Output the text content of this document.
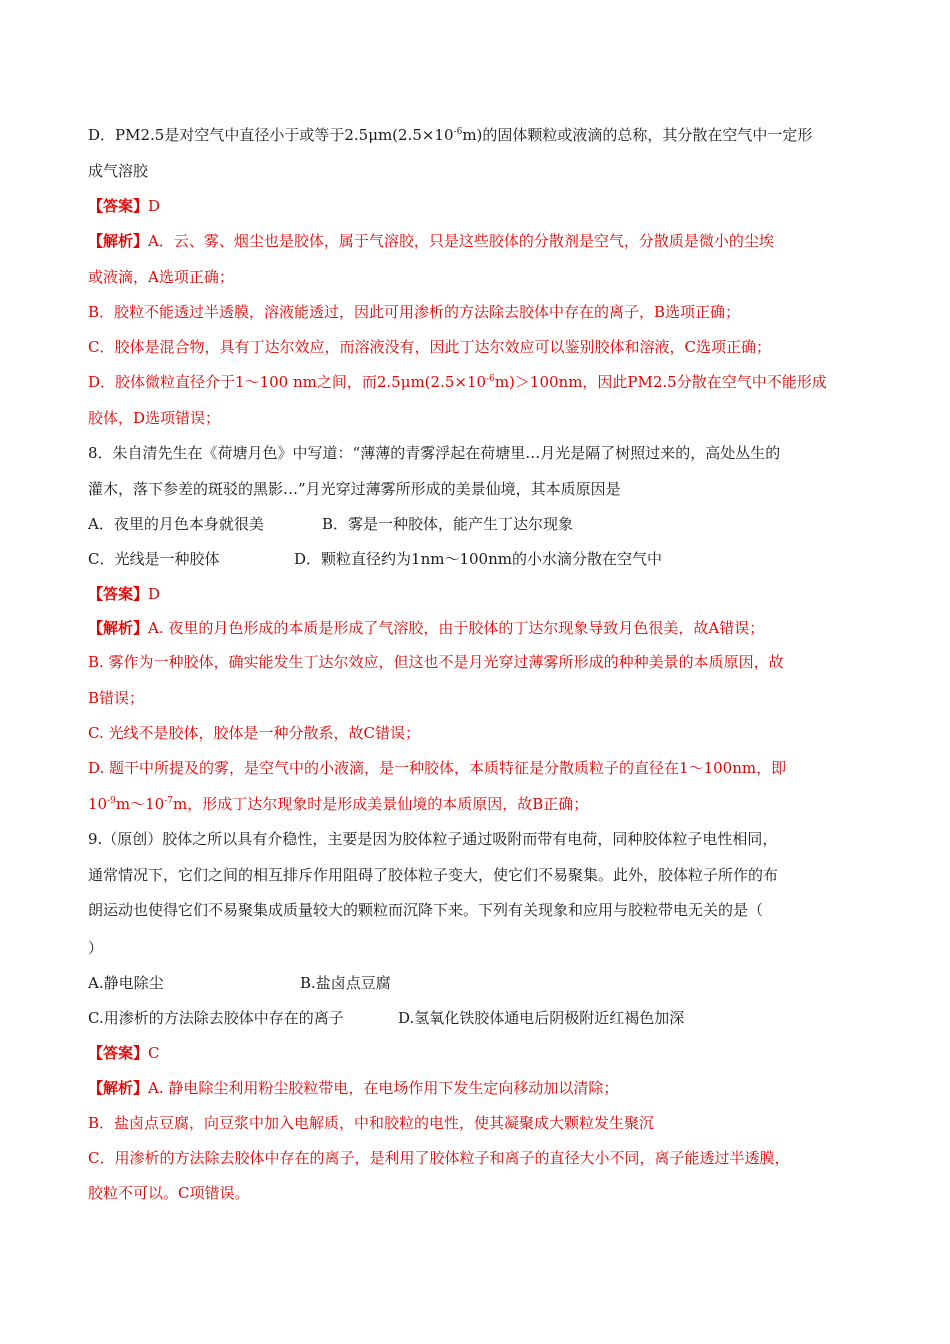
D．PM2.5是对空气中直径小于或等于$2.5\mu m(2.5\times 10^{-6}m)$的固体颗粒或液滴的总称，其分散在空气中一定形
成气溶胶
【答案】D
【解析】A．云、雾、烟尘也是胶体，属于气溶胶，只是这些胶体的分散剂是空气，分散质是微小的尘埃
或液滴，A选项正确；
B．胶粒不能透过半透膜，溶液能透过，因此可用渗析的方法除去胶体中存在的离子，B选项正确；
C．胶体是混合物，具有丁达尔效应，而溶液没有，因此丁达尔效应可以鉴别胶体和溶液，C选项正确；
D．胶体微粒直径介于1～100 nm之间，而$2.5\mu m(2.5\times 10^{-6}m)>100nm$，因此PM2.5分散在空气中不能形成
胶体，D选项错误；
8．朱自清先生在《荷塘月色》中写道：“薄薄的青雾浮起在荷塘里…月光是隔了树照过来的，高处丛生的
灌木，落下参差的斑驳的黑影…”月光穿过薄雾所形成的美景仙境，其本质原因是
A．夜里的月色本身就很美	B．雾是一种胶体，能产生丁达尔现象
C．光线是一种胶体	D．颗粒直径约为1nm～100nm的小水滴分散在空气中
【答案】D
【解析】A. 夜里的月色形成的本质是形成了气溶胶，由于胶体的丁达尔现象导致月色很美，故A错误；
B. 雾作为一种胶体，确实能发生丁达尔效应，但这也不是月光穿过薄雾所形成的种种美景的本质原因，故
B错误；
C. 光线不是胶体，胶体是一种分散系，故C错误；
D. 题干中所提及的雾，是空气中的小液滴，是一种胶体，本质特征是分散质粒子的直径在1～100nm，即
$10^{-9}m\sim 10^{-7}m$，形成丁达尔现象时是形成美景仙境的本质原因，故B正确；
9.（原创）胶体之所以具有介稳性，主要是因为胶体粒子通过吸附而带有电荷，同种胶体粒子电性相同，
通常情况下，它们之间的相互排斥作用阻碍了胶体粒子变大，使它们不易聚集。此外，胶体粒子所作的布
朗运动也使得它们不易聚集成质量较大的颗粒而沉降下来。下列有关现象和应用与胶粒带电无关的是（
）
A.静电除尘	B.盐卤点豆腐
C.用渗析的方法除去胶体中存在的离子	D.氢氧化铁胶体通电后阴极附近红褐色加深
【答案】C
【解析】A. 静电除尘利用粉尘胶粒带电，在电场作用下发生定向移动加以清除；
B．盐卤点豆腐，向豆浆中加入电解质，中和胶粒的电性，使其凝聚成大颗粒发生聚沉
C．用渗析的方法除去胶体中存在的离子，是利用了胶体粒子和离子的直径大小不同，离子能透过半透膜，
胶粒不可以。C项错误。
